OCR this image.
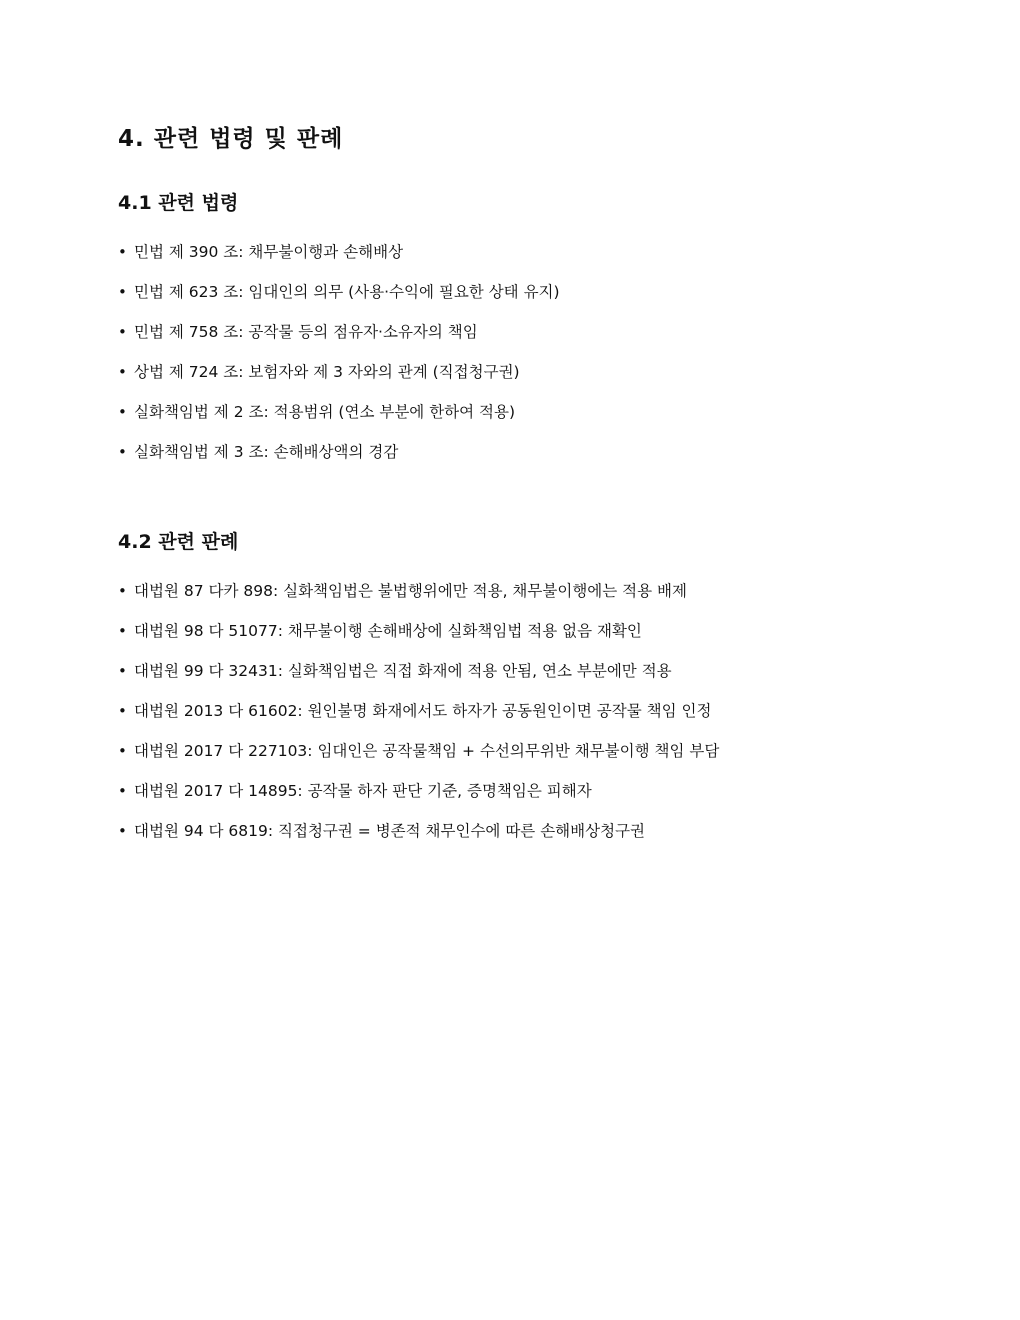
4. 관련 법령 및 판례
4.1 관련 법령
• 민법 제 390 조: 채무불이행과 손해배상
• 민법 제 623 조: 임대인의 의무 (사용·수익에 필요한 상태 유지)
• 민법 제 758 조: 공작물 등의 점유자·소유자의 책임
• 상법 제 724 조: 보험자와 제 3 자와의 관계 (직접청구권)
• 실화책임법 제 2 조: 적용범위 (연소 부분에 한하여 적용)
• 실화책임법 제 3 조: 손해배상액의 경감
4.2 관련 판례
• 대법원 87 다카 898: 실화책임법은 불법행위에만 적용, 채무불이행에는 적용 배제
• 대법원 98 다 51077: 채무불이행 손해배상에 실화책임법 적용 없음 재확인
• 대법원 99 다 32431: 실화책임법은 직접 화재에 적용 안됨, 연소 부분에만 적용
• 대법원 2013 다 61602: 원인불명 화재에서도 하자가 공동원인이면 공작물 책임 인정
• 대법원 2017 다 227103: 임대인은 공작물책임 + 수선의무위반 채무불이행 책임 부담
• 대법원 2017 다 14895: 공작물 하자 판단 기준, 증명책임은 피해자
• 대법원 94 다 6819: 직접청구권 = 병존적 채무인수에 따른 손해배상청구권
